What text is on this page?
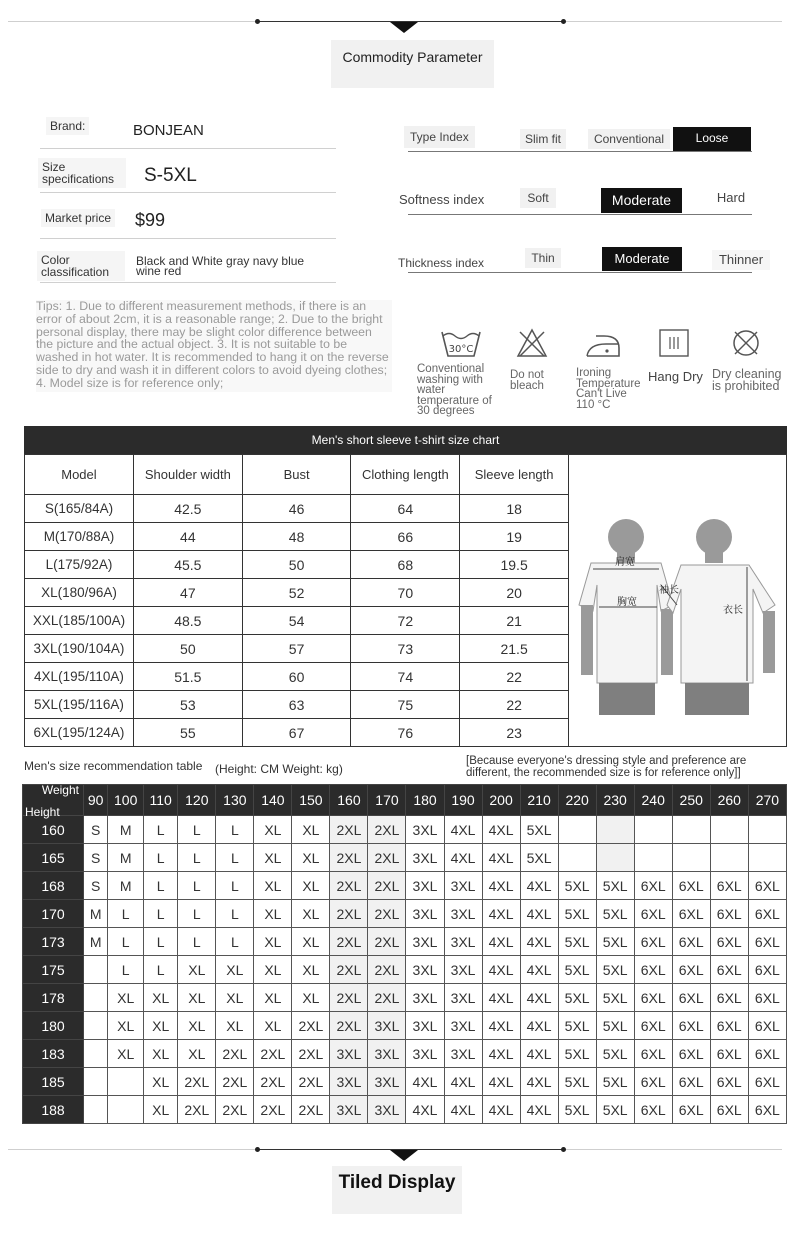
Commodity Parameter
Brand:	BONJEAN
Size specifications	S-5XL
Market price $99
Color classification
Black and White gray navy blue wine red
Type Index	Slim fit	Conventional	Loose
Softness index	Soft	Moderate	Hard
Thickness index	Thin	Moderate	Thinner
Tips: 1. Due to different measurement methods, if there is an error of about 2cm, it is a reasonable range; 2. Due to the bright personal display, there may be slight color difference between the picture and the actual object. 3. It is not suitable to be washed in hot water. It is recommended to hang it on the reverse side to dry and wash it in different colors to avoid dyeing clothes; 4. Model size is for reference only;
30°C
Conventional washing with water temperature of 30 degrees
Do not bleach
Ironing Temperature Can't Live 110 °C
Hang Dry Dry cleaning is prohibited
Men's short sleeve t-shirt size chart
Model	Shoulder width	Bust	Clothing length	Sleeve length
S(165/84A)	42.5	46	64	18
M(170/88A)	44	48	66	19
L(175/92A)	45.5	50	68	19.5
XL(180/96A)	47	52	70	20
XXL(185/100A)	48.5	54	72	21
3XL(190/104A)	50	57	73	21.5
4XL(195/110A)	51.5	60	74	22
5XL(195/116A)	53	63	75	22
6XL(195/124A)	55	67	76	23
肩宽
胸宽
袖长
衣长
Men's size recommendation table (Height: CM Weight: kg)
[Because everyone's dressing style and preference are different, the recommended size is for reference only]]
Weight
Height	90	100	110	120	130	140	150	160	170	180	190	200	210	220	230	240	250	260	270
160	S	M	L	L	L	XL	XL	2XL	2XL	3XL	4XL	4XL	5XL						
165	S	M	L	L	L	XL	XL	2XL	2XL	3XL	4XL	4XL	5XL						
168	S	M	L	L	L	XL	XL	2XL	2XL	3XL	3XL	4XL	4XL	5XL	5XL	6XL	6XL	6XL	6XL
170	M	L	L	L	L	XL	XL	2XL	2XL	3XL	3XL	4XL	4XL	5XL	5XL	6XL	6XL	6XL	6XL
173	M	L	L	L	L	XL	XL	2XL	2XL	3XL	3XL	4XL	4XL	5XL	5XL	6XL	6XL	6XL	6XL
175		L	L	XL	XL	XL	XL	2XL	2XL	3XL	3XL	4XL	4XL	5XL	5XL	6XL	6XL	6XL	6XL
178		XL	XL	XL	XL	XL	XL	2XL	2XL	3XL	3XL	4XL	4XL	5XL	5XL	6XL	6XL	6XL	6XL
180		XL	XL	XL	XL	XL	2XL	2XL	3XL	3XL	3XL	4XL	4XL	5XL	5XL	6XL	6XL	6XL	6XL
183		XL	XL	XL	2XL	2XL	2XL	3XL	3XL	3XL	3XL	4XL	4XL	5XL	5XL	6XL	6XL	6XL	6XL
185			XL	2XL	2XL	2XL	2XL	3XL	3XL	4XL	4XL	4XL	4XL	5XL	5XL	6XL	6XL	6XL	6XL
188			XL	2XL	2XL	2XL	2XL	3XL	3XL	4XL	4XL	4XL	4XL	5XL	5XL	6XL	6XL	6XL	6XL
Tiled Display
